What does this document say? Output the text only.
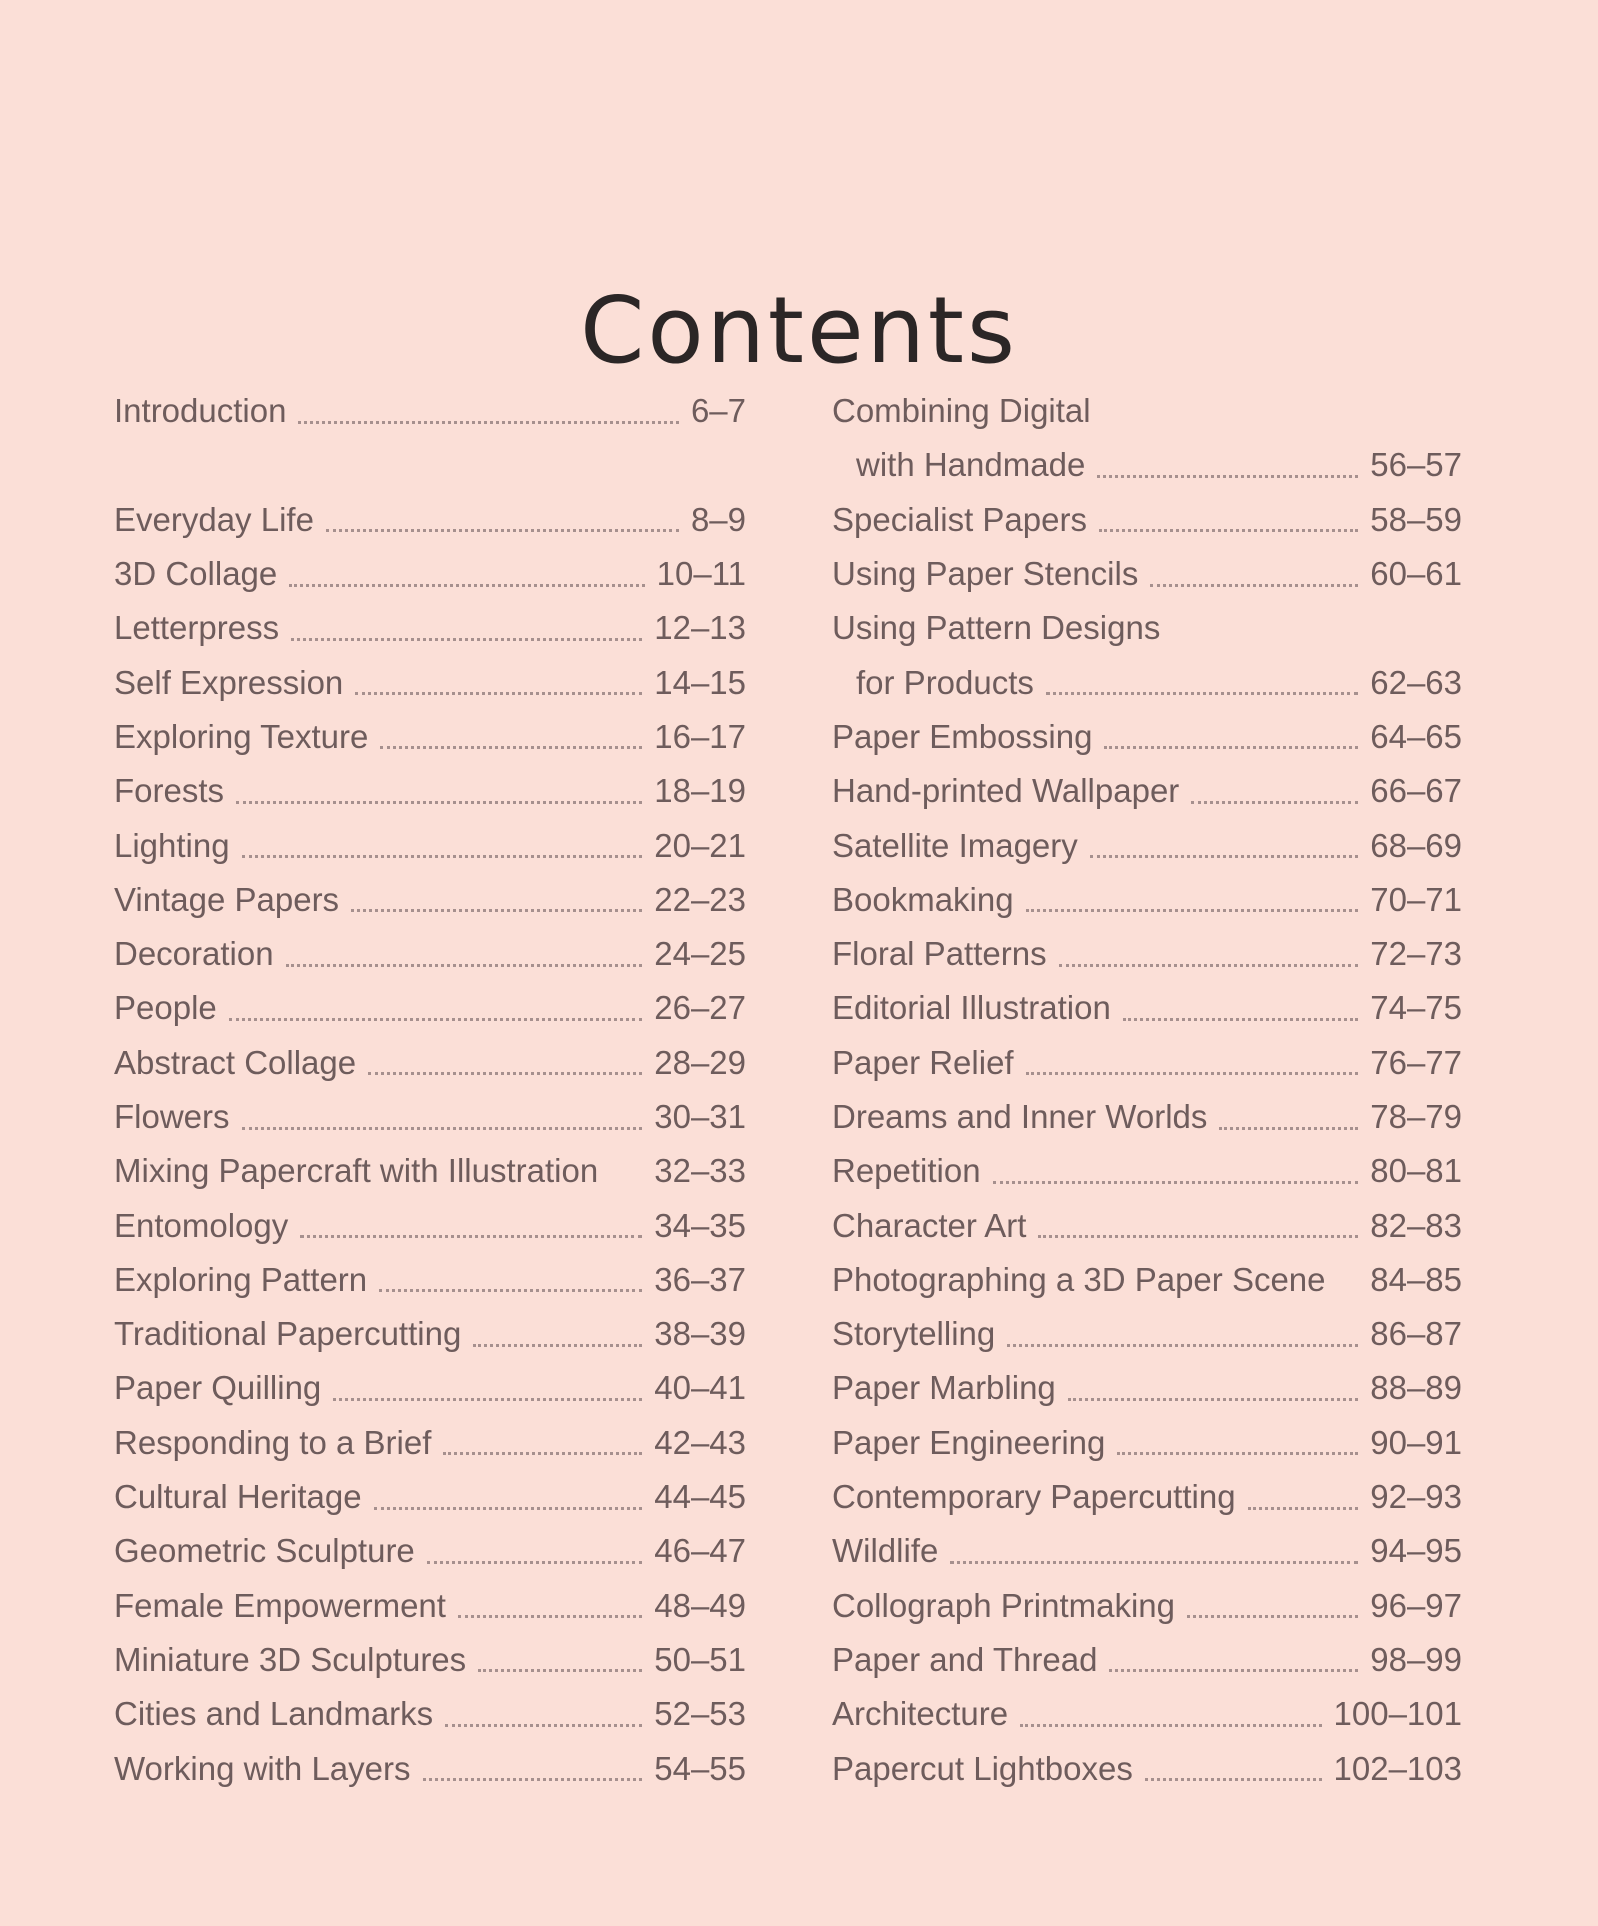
Contents
Introduction	6–7
Everyday Life	8–9
3D Collage	10–11
Letterpress	12–13
Self Expression	14–15
Exploring Texture	16–17
Forests	18–19
Lighting	20–21
Vintage Papers	22–23
Decoration	24–25
People	26–27
Abstract Collage	28–29
Flowers	30–31
Mixing Papercraft with Illustration 32–33
Entomology	34–35
Exploring Pattern	36–37
Traditional Papercutting	38–39
Paper Quilling	40–41
Responding to a Brief	42–43
Cultural Heritage	44–45
Geometric Sculpture	46–47
Female Empowerment	48–49
Miniature 3D Sculptures	50–51
Cities and Landmarks	52–53
Working with Layers	54–55
Combining Digital
with Handmade	56–57
Specialist Papers	58–59
Using Paper Stencils	60–61
Using Pattern Designs
for Products	62–63
Paper Embossing	64–65
Hand-printed Wallpaper	66–67
Satellite Imagery	68–69
Bookmaking	70–71
Floral Patterns	72–73
Editorial Illustration	74–75
Paper Relief	76–77
Dreams and Inner Worlds	78–79
Repetition	80–81
Character Art	82–83
Photographing a 3D Paper Scene 84–85
Storytelling	86–87
Paper Marbling	88–89
Paper Engineering	90–91
Contemporary Papercutting	92–93
Wildlife	94–95
Collograph Printmaking	96–97
Paper and Thread	98–99
Architecture	100–101
Papercut Lightboxes	102–103
